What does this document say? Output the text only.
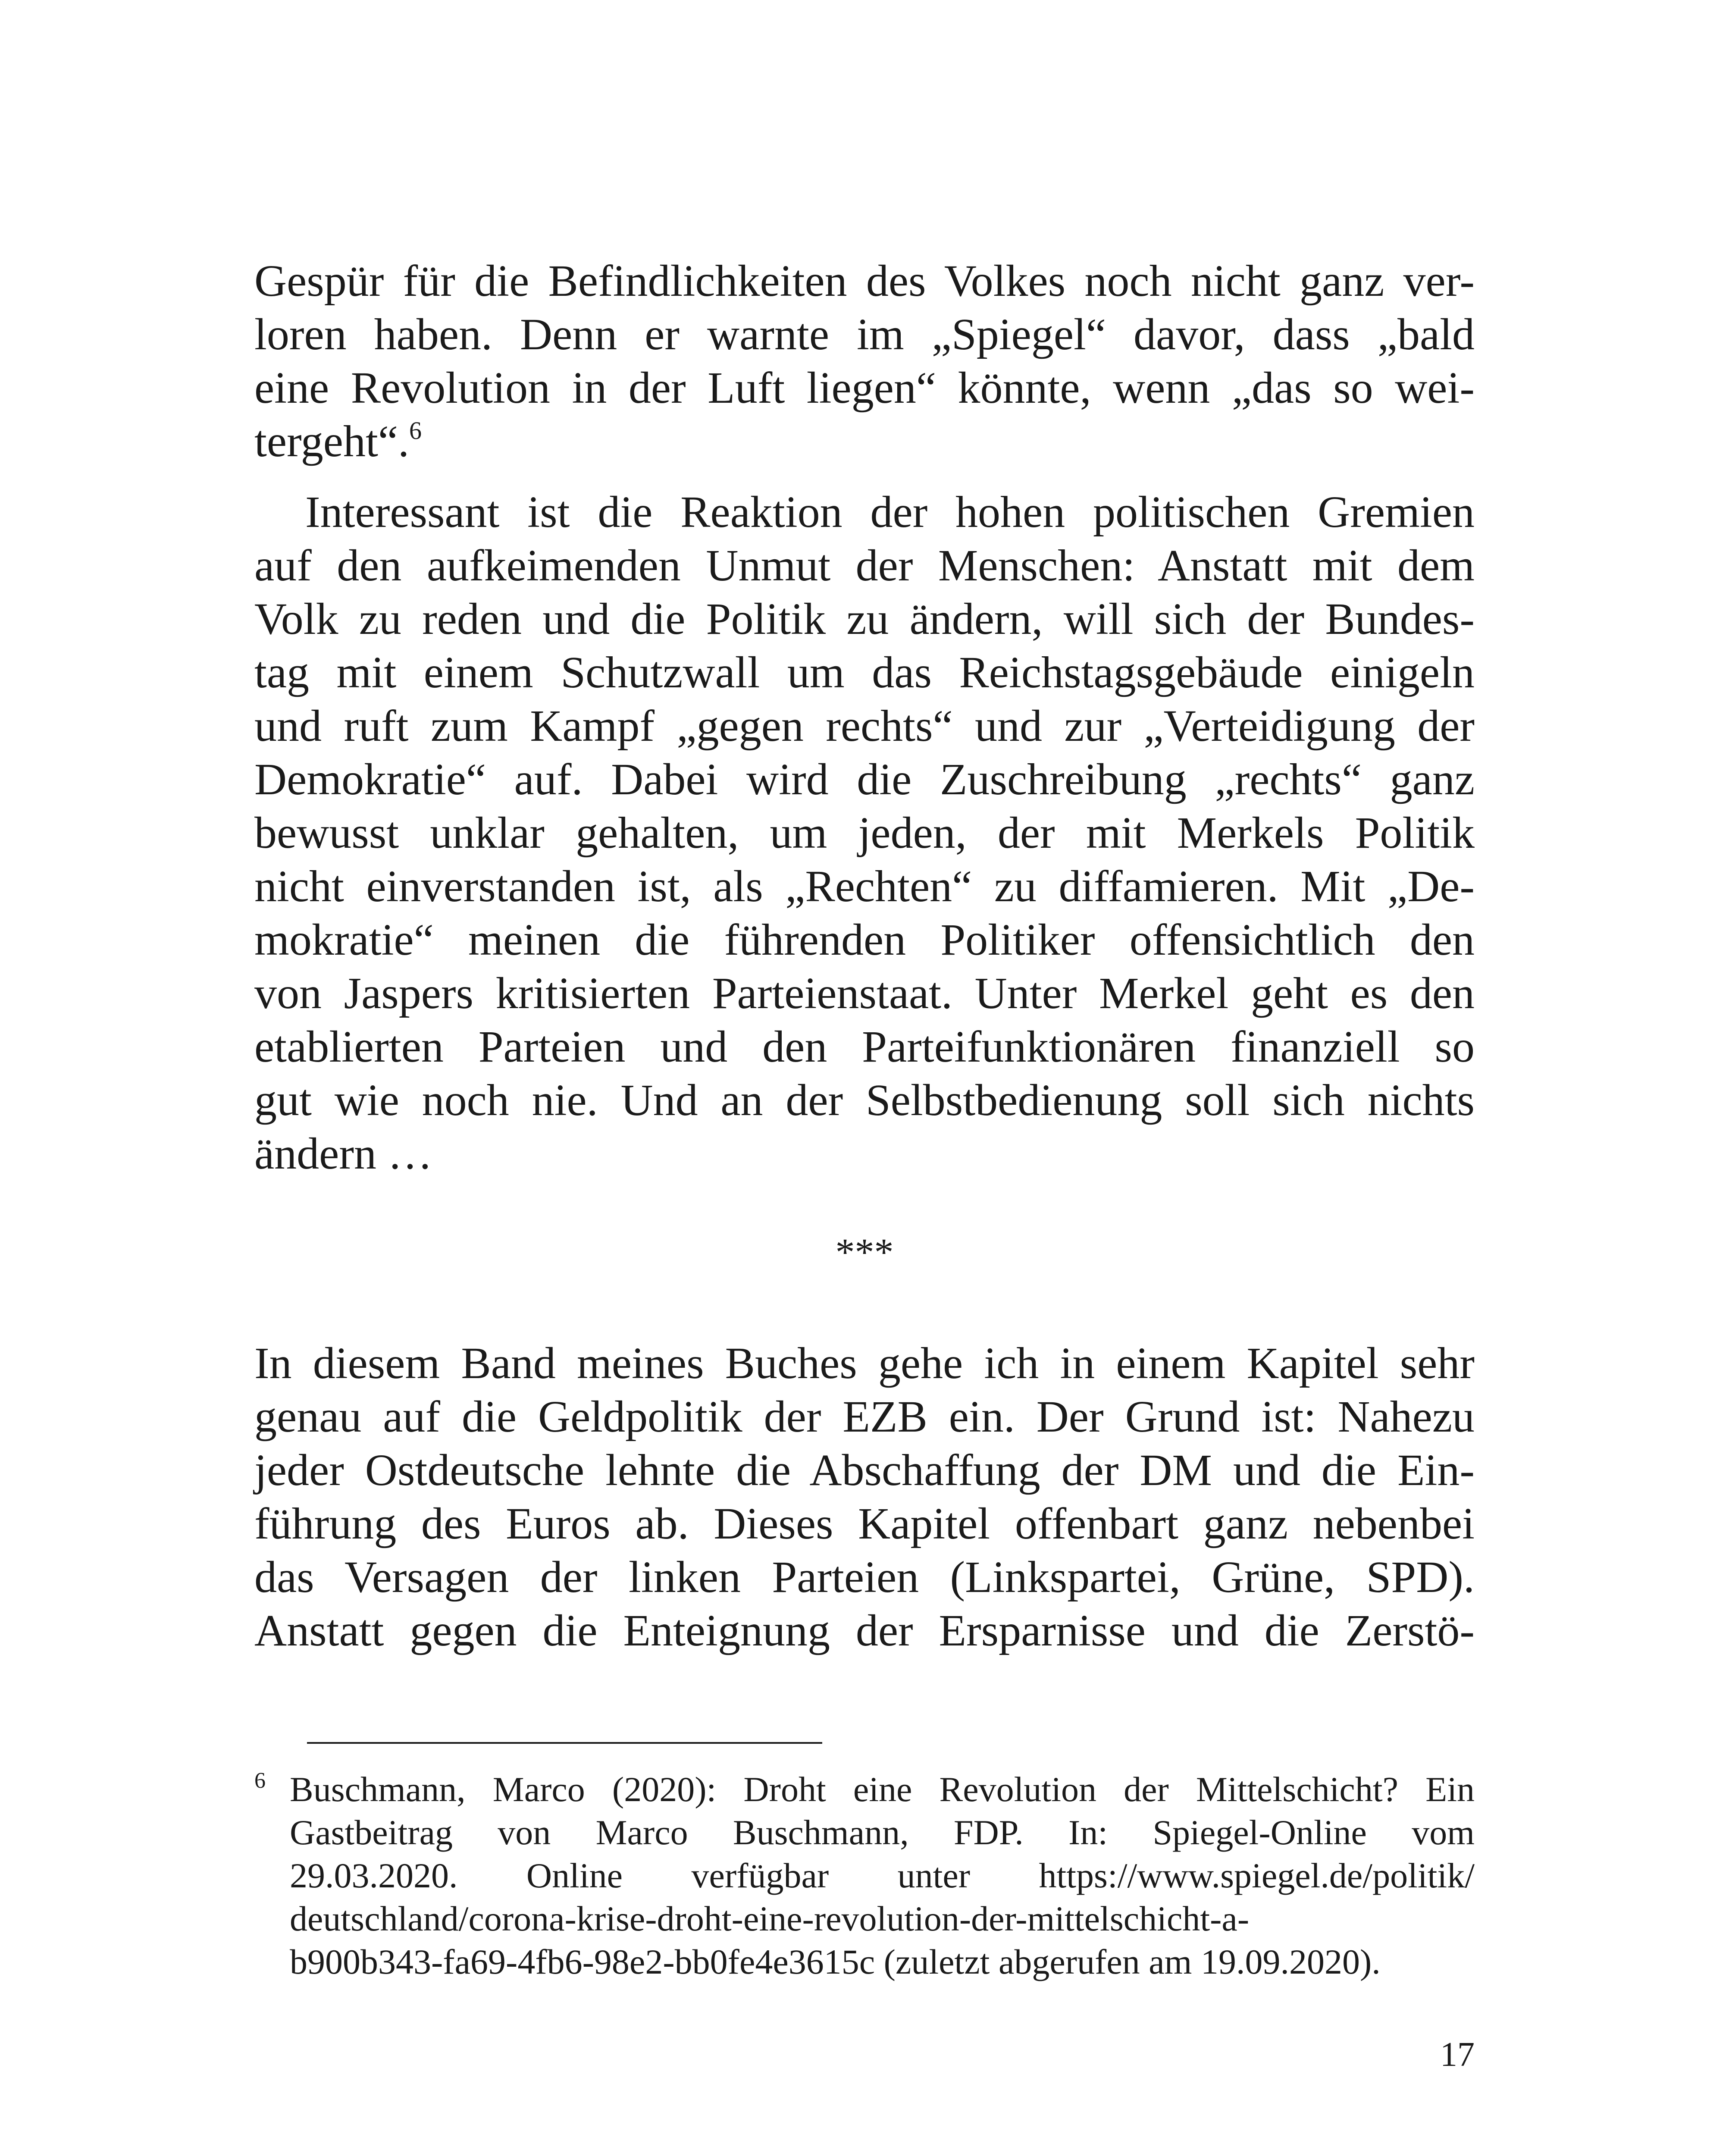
Gespür für die Befindlichkeiten des Volkes noch nicht ganz ver-
loren haben. Denn er warnte im „Spiegel“ davor, dass „bald
eine Revolution in der Luft liegen“ könnte, wenn „das so wei-
tergeht“.$^6$
Interessant ist die Reaktion der hohen politischen Gremien
auf den aufkeimenden Unmut der Menschen: Anstatt mit dem
Volk zu reden und die Politik zu ändern, will sich der Bundes-
tag mit einem Schutzwall um das Reichstagsgebäude einigeln
und ruft zum Kampf „gegen rechts“ und zur „Verteidigung der
Demokratie“ auf. Dabei wird die Zuschreibung „rechts“ ganz
bewusst unklar gehalten, um jeden, der mit Merkels Politik
nicht einverstanden ist, als „Rechten“ zu diffamieren. Mit „De-
mokratie“ meinen die führenden Politiker offensichtlich den
von Jaspers kritisierten Parteienstaat. Unter Merkel geht es den
etablierten Parteien und den Parteifunktionären finanziell so
gut wie noch nie. Und an der Selbstbedienung soll sich nichts
ändern …
***
In diesem Band meines Buches gehe ich in einem Kapitel sehr
genau auf die Geldpolitik der EZB ein. Der Grund ist: Nahezu
jeder Ostdeutsche lehnte die Abschaffung der DM und die Ein-
führung des Euros ab. Dieses Kapitel offenbart ganz nebenbei
das Versagen der linken Parteien (Linkspartei, Grüne, SPD).
Anstatt gegen die Enteignung der Ersparnisse und die Zerstö-
6 Buschmann, Marco (2020): Droht eine Revolution der Mittelschicht? Ein
Gastbeitrag von Marco Buschmann, FDP. In: Spiegel-Online vom
29.03.2020. Online verfügbar unter https://www.spiegel.de/politik/
deutschland/corona-krise-droht-eine-revolution-der-mittelschicht-a-
b900b343-fa69-4fb6-98e2-bb0fe4e3615c (zuletzt abgerufen am 19.09.2020).
17
